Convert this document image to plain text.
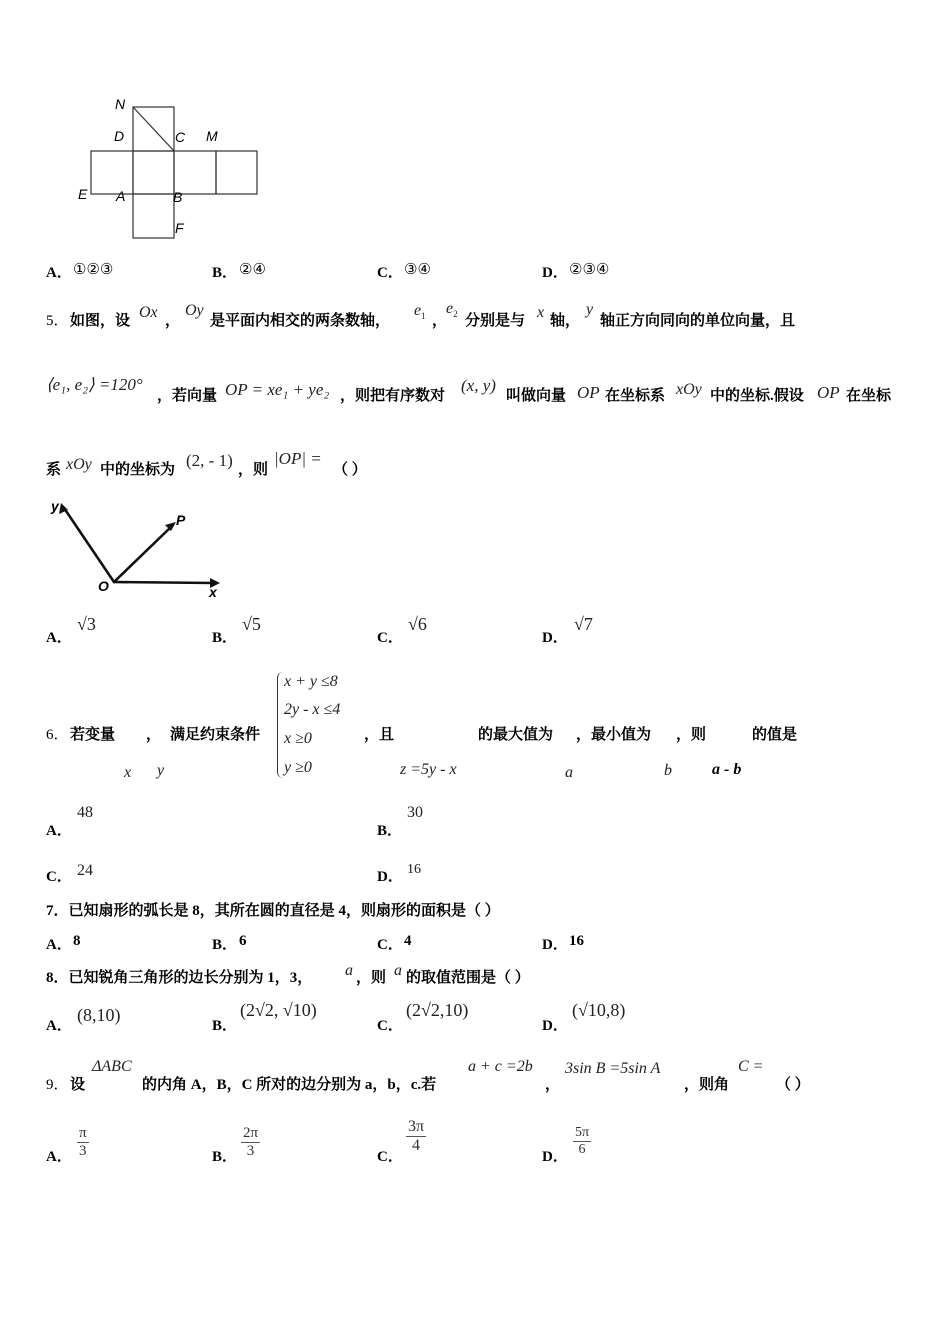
N
D	C M
E A	B
F
A． ①②③	B． ②④	C． ③④	D． ②③④
5． 如图，设 Ox ，
Oy
是平面内相交的两条数轴，
$e_1$ ，
$e_2$ 分别是与 x 轴，
y
轴正方向同向的单位向量，且
⟨e₁, e₂⟩ =120°
，若向量 OP = xe₁ + ye₂ ，则把有序数对
(x, y)
叫做向量 OP 在坐标系 xOy 中的坐标.假设 OP 在坐标
系 xOy 中的坐标为 (2, - 1) ，则
|OP| =
（ ）
y
P
O	x
A．
√3
B．
√5
C．
√6
D．
√7
6． 若变量 ， 满足约束条件
x y
x + y ≤8
2y - x ≤4
x ≥0
y ≥0
，且
z =5y - x
的最大值为
a
，最小值为
b
，则
a - b
的值是
A．
48
B．
30
C． 24	D． 16
7．已知扇形的弧长是 8，其所在圆的直径是 4，则扇形的面积是（ ）
A． 8	B． 6	C． 4	D． 16
8．已知锐角三角形的边长分别为 1，3， a ，则 a 的取值范围是（ ）
A．
(8,10)
B．
(2√2, √10)
C．
(2√2,10)
D．
(√10,8)
9． 设
ΔABC
的内角 A，B，C 所对的边分别为 a，b，c.若
a + c =2b
，
3sin B =5sin A
，则角
C =
（ ）
A． $\frac{\pi}{3}$	B． $\frac{2\pi}{3}$	C．
$\frac{3\pi}{4}$
D． $\frac{5\pi}{6}$
